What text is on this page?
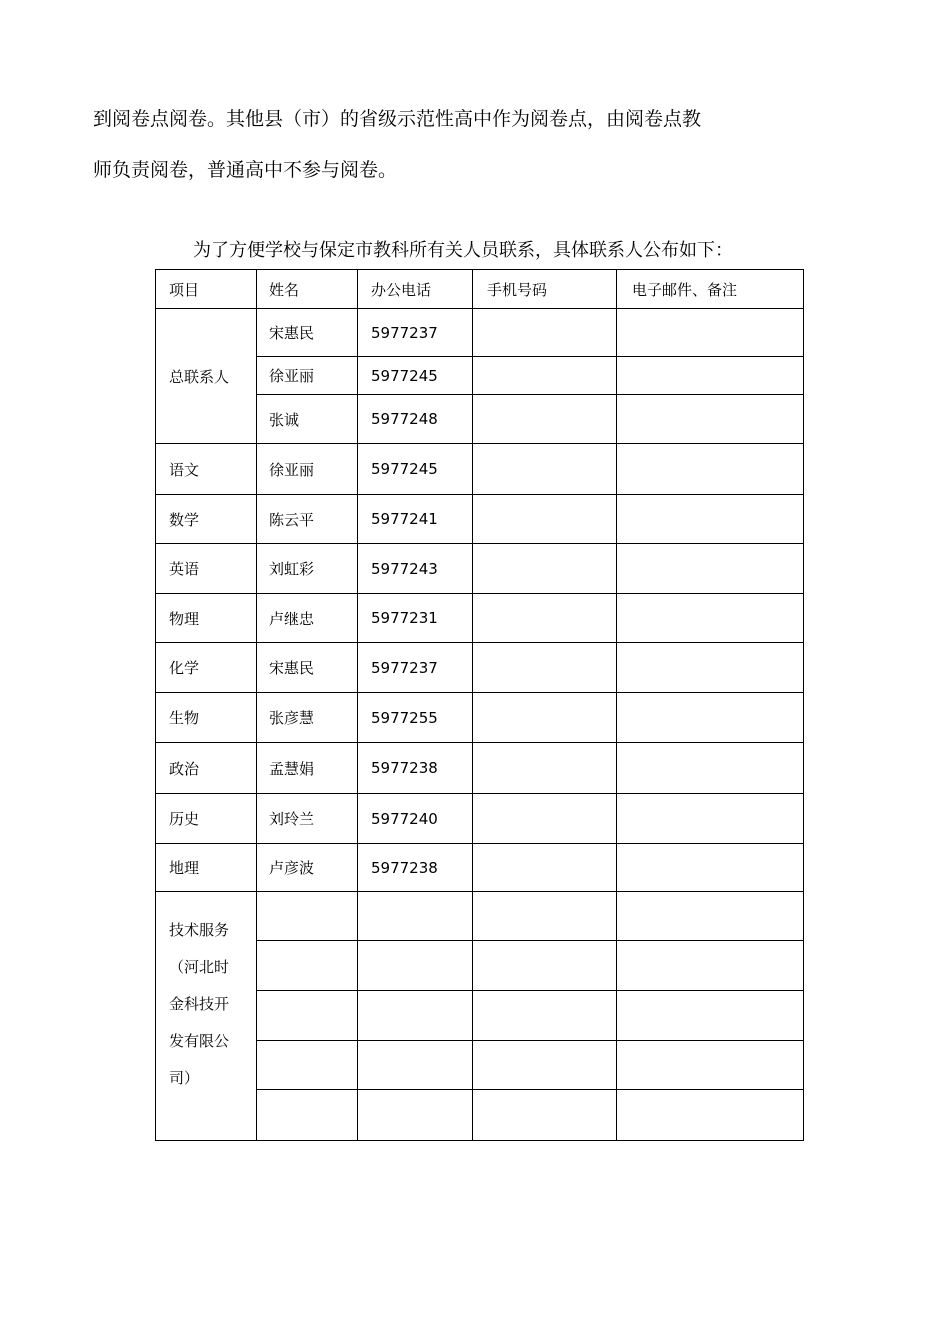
到阅卷点阅卷。其他县（市）的省级示范性高中作为阅卷点，由阅卷点教
师负责阅卷，普通高中不参与阅卷。
为了方便学校与保定市教科所有关人员联系，具体联系人公布如下：
项目	姓名	办公电话	手机号码	电子邮件、备注
总联系人	宋惠民	5977237		
	徐亚丽	5977245		
	张诚	5977248		
语文	徐亚丽	5977245		
数学	陈云平	5977241		
英语	刘虹彩	5977243		
物理	卢继忠	5977231		
化学	宋惠民	5977237		
生物	张彦慧	5977255		
政治	孟慧娟	5977238		
历史	刘玲兰	5977240		
地理	卢彦波	5977238		

技术服务
（河北时
金科技开
发有限公
司）				
